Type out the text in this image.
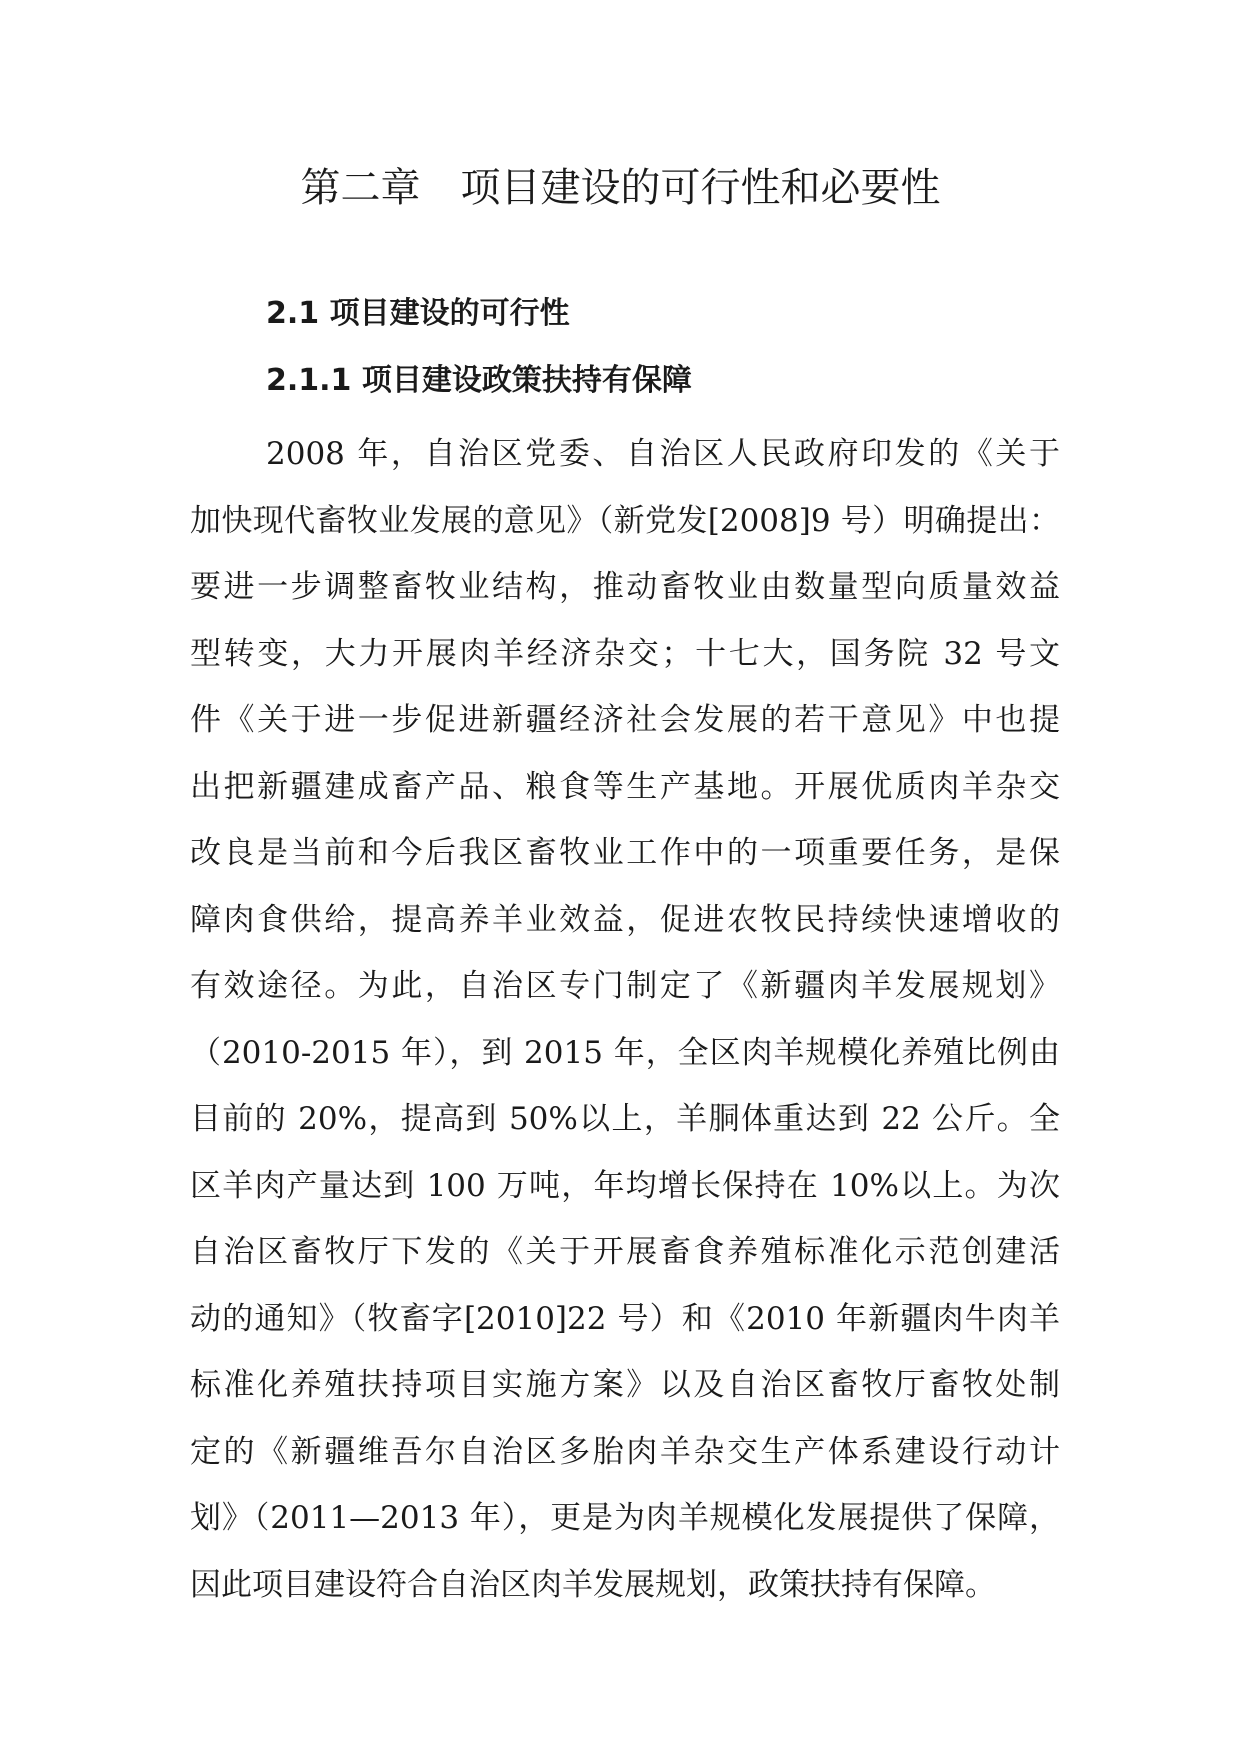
第二章　项目建设的可行性和必要性
2.1 项目建设的可行性
2.1.1 项目建设政策扶持有保障

2008 年，自治区党委、自治区人民政府印发的《关于
加快现代畜牧业发展的意见》（新党发[2008]9 号）明确提出：
要进一步调整畜牧业结构，推动畜牧业由数量型向质量效益
型转变，大力开展肉羊经济杂交；十七大，国务院 32 号文
件《关于进一步促进新疆经济社会发展的若干意见》中也提
出把新疆建成畜产品、粮食等生产基地。开展优质肉羊杂交
改良是当前和今后我区畜牧业工作中的一项重要任务，是保
障肉食供给，提高养羊业效益，促进农牧民持续快速增收的
有效途径。为此，自治区专门制定了《新疆肉羊发展规划》
（2010-2015 年），到 2015 年，全区肉羊规模化养殖比例由
目前的 20%，提高到 50%以上，羊胴体重达到 22 公斤。全
区羊肉产量达到 100 万吨，年均增长保持在 10%以上。为次
自治区畜牧厅下发的《关于开展畜食养殖标准化示范创建活
动的通知》（牧畜字[2010]22 号）和《2010 年新疆肉牛肉羊
标准化养殖扶持项目实施方案》以及自治区畜牧厅畜牧处制
定的《新疆维吾尔自治区多胎肉羊杂交生产体系建设行动计
划》（2011—2013 年），更是为肉羊规模化发展提供了保障，
因此项目建设符合自治区肉羊发展规划，政策扶持有保障。
